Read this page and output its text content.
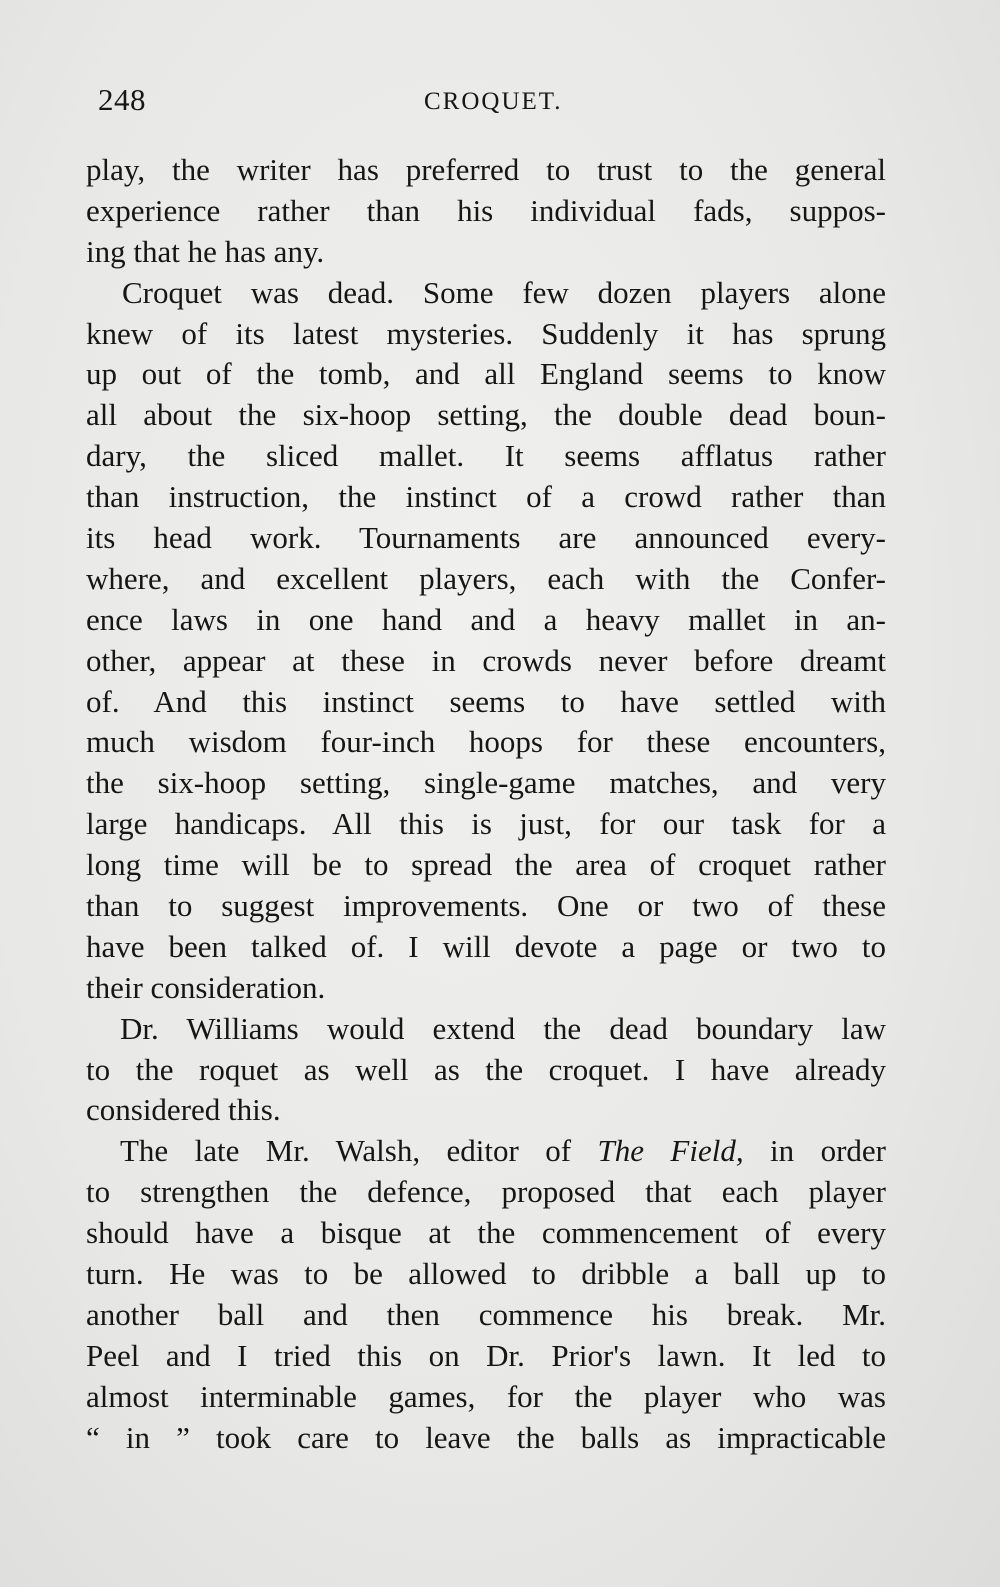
248	CROQUET.
play, the writer has preferred to trust to the general
experience rather than his individual fads, suppos-
ing that he has any.
Croquet was dead. Some few dozen players alone
knew of its latest mysteries. Suddenly it has sprung
up out of the tomb, and all England seems to know
all about the six-hoop setting, the double dead boun-
dary, the sliced mallet. It seems afflatus rather
than instruction, the instinct of a crowd rather than
its head work. Tournaments are announced every-
where, and excellent players, each with the Confer-
ence laws in one hand and a heavy mallet in an-
other, appear at these in crowds never before dreamt
of. And this instinct seems to have settled with
much wisdom four-inch hoops for these encounters,
the six-hoop setting, single-game matches, and very
large handicaps. All this is just, for our task for a
long time will be to spread the area of croquet rather
than to suggest improvements. One or two of these
have been talked of. I will devote a page or two to
their consideration.
Dr. Williams would extend the dead boundary law
to the roquet as well as the croquet. I have already
considered this.
The late Mr. Walsh, editor of The Field, in order
to strengthen the defence, proposed that each player
should have a bisque at the commencement of every
turn. He was to be allowed to dribble a ball up to
another ball and then commence his break. Mr.
Peel and I tried this on Dr. Prior's lawn. It led to
almost interminable games, for the player who was
“ in ” took care to leave the balls as impracticable
